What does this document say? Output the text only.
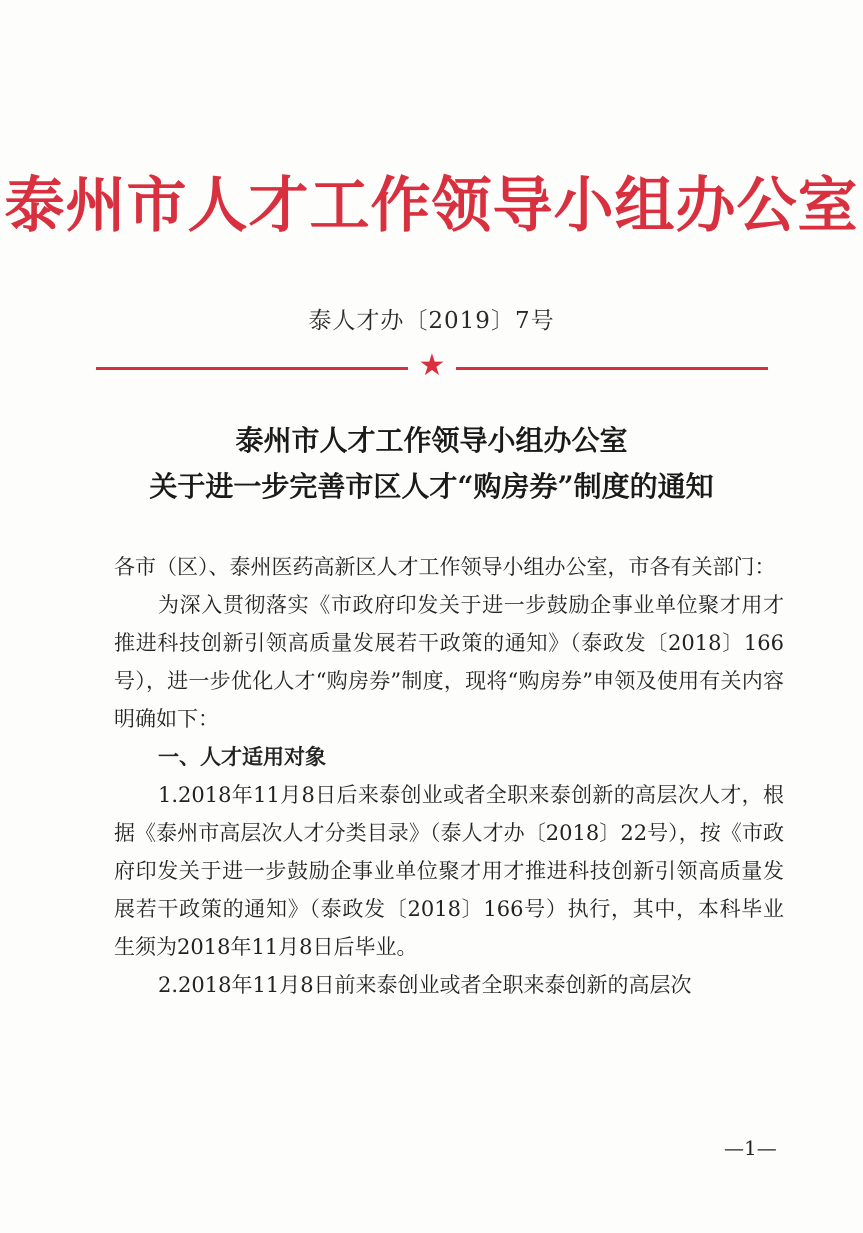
泰州市人才工作领导小组办公室
泰人才办〔2019〕7号
★
泰州市人才工作领导小组办公室
关于进一步完善市区人才“购房券”制度的通知

各市（区）、泰州医药高新区人才工作领导小组办公室，市各有关部门：

为深入贯彻落实《市政府印发关于进一步鼓励企事业单位聚才用才推进科技创新引领高质量发展若干政策的通知》（泰政发〔2018〕166号），进一步优化人才“购房券”制度，现将“购房券”申领及使用有关内容明确如下：

一、人才适用对象

1.2018年11月8日后来泰创业或者全职来泰创新的高层次人才，根据《泰州市高层次人才分类目录》（泰人才办〔2018〕22号），按《市政府印发关于进一步鼓励企事业单位聚才用才推进科技创新引领高质量发展若干政策的通知》（泰政发〔2018〕166号）执行，其中，本科毕业生须为2018年11月8日后毕业。

2.2018年11月8日前来泰创业或者全职来泰创新的高层次

—1—
